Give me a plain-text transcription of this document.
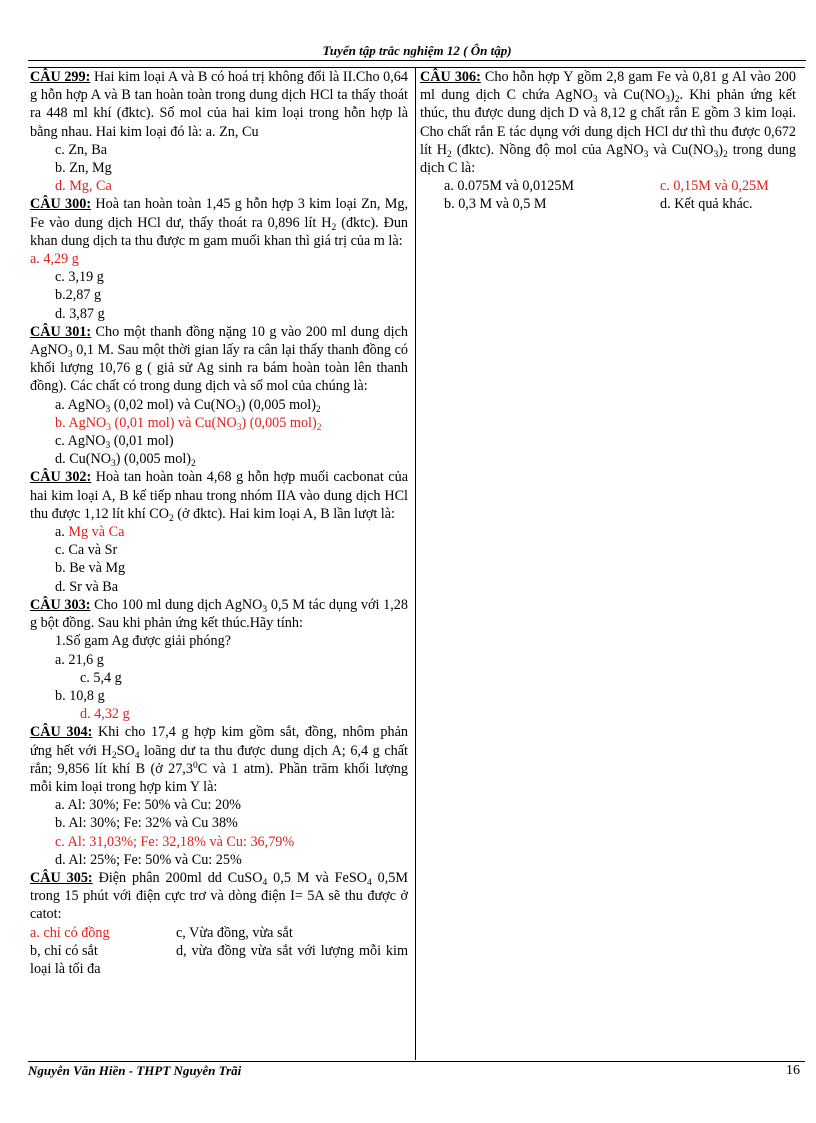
Tuyển tập trắc nghiệm 12 ( Ôn tập)

CÂU 299: Hai kim loại A và B có hoá trị không đổi là II.Cho 0,64 g hỗn hợp A và B tan hoàn toàn trong dung dịch HCl ta thấy thoát ra 448 ml khí (đktc). Số mol của hai kim loại trong hỗn hợp là bằng nhau. Hai kim loại đó là: a. Zn, Cu

c. Zn, Ba

b. Zn, Mg

d. Mg, Ca

CÂU 300: Hoà tan hoàn toàn 1,45 g hỗn hợp 3 kim loại Zn, Mg, Fe vào dung dịch HCl dư, thấy thoát ra 0,896 lít $H_2$ (đktc). Đun khan dung dịch ta thu được m gam muối khan thì giá trị của m là:

a. 4,29 g

c. 3,19 g

b.2,87 g

d. 3,87 g

CÂU 301: Cho một thanh đồng nặng 10 g vào 200 ml dung dịch AgNO$_3$ 0,1 M. Sau một thời gian lấy ra cân lại thấy thanh đồng có khối lượng 10,76 g ( giả sử Ag sinh ra bám hoàn toàn lên thanh đồng). Các chất có trong dung dịch và số mol của chúng là:

a. AgNO$_3$ (0,02 mol) và $Cu(NO_3)$ (0,005 $mol)_2$

b. AgNO$_3$ (0,01 mol) và $Cu(NO_3)$ (0,005 $mol)_2$

c. AgNO$_3$ (0,01 mol)

d. $Cu(NO_3)$ (0,005 $mol)_2$

CÂU 302: Hoà tan hoàn toàn 4,68 g hỗn hợp muối cacbonat của hai kim loại A, B kế tiếp nhau trong nhóm IIA vào dung dịch HCl thu được 1,12 lít khí $CO_2$ (ở đktc). Hai kim loại A, B lần lượt là:

a. Mg và Ca

c. Ca và Sr

b. Be và Mg

d. Sr và Ba

CÂU 303: Cho 100 ml dung dịch AgNO$_3$ 0,5 M tác dụng với 1,28 g bột đồng. Sau khi phản ứng kết thúc.Hãy tính:

1.Số gam Ag được giải phóng?

a. 21,6 g

c. 5,4 g

b. 10,8 g

d. 4,32 g

CÂU 304: Khi cho 17,4 g hợp kim gồm sắt, đồng, nhôm phản ứng hết với $H_2SO_4$ loãng dư ta thu được dung dịch A; 6,4 g chất rắn; 9,856 lít khí B (ở 27,3$^0$C và 1 atm). Phần trăm khối lượng mỗi kim loại trong hợp kim Y là:

a. Al: 30%; Fe: 50% và Cu: 20%

b. Al: 30%; Fe: 32% và Cu 38%

c. Al: 31,03%; Fe: 32,18% và Cu: 36,79%

d. Al: 25%; Fe: 50% và Cu: 25%

CÂU 305: Điện phân 200ml dd CuSO$_4$ 0,5 M và FeSO$_4$ 0,5M trong 15 phút với điện cực trơ và dòng điện I= 5A sẽ thu được ở catot:

a. chỉ có đồng	c, Vừa đồng, vừa sắt
b, chỉ có sắt	d, vừa đồng vừa sắt với lượng mỗi kim loại là tối đa

CÂU 306: Cho hỗn hợp Y gồm 2,8 gam Fe và 0,81 g Al vào 200 ml dung dịch C chứa AgNO$_3$ và $Cu(NO_3)_2$. Khi phản ứng kết thúc, thu được dung dịch D và 8,12 g chất rắn E gồm 3 kim loại. Cho chất rắn E tác dụng với dung dịch HCl dư thì thu được 0,672 lít $H_2$ (đktc). Nồng độ mol của AgNO$_3$ và $Cu(NO_3)_2$ trong dung dịch C là:

a. 0.075M và 0,0125M	c. 0,15M và 0,25M
b. 0,3 M và 0,5 M	d. Kết quả khác.
Nguyễn Văn Hiền - THPT Nguyễn Trãi	16
